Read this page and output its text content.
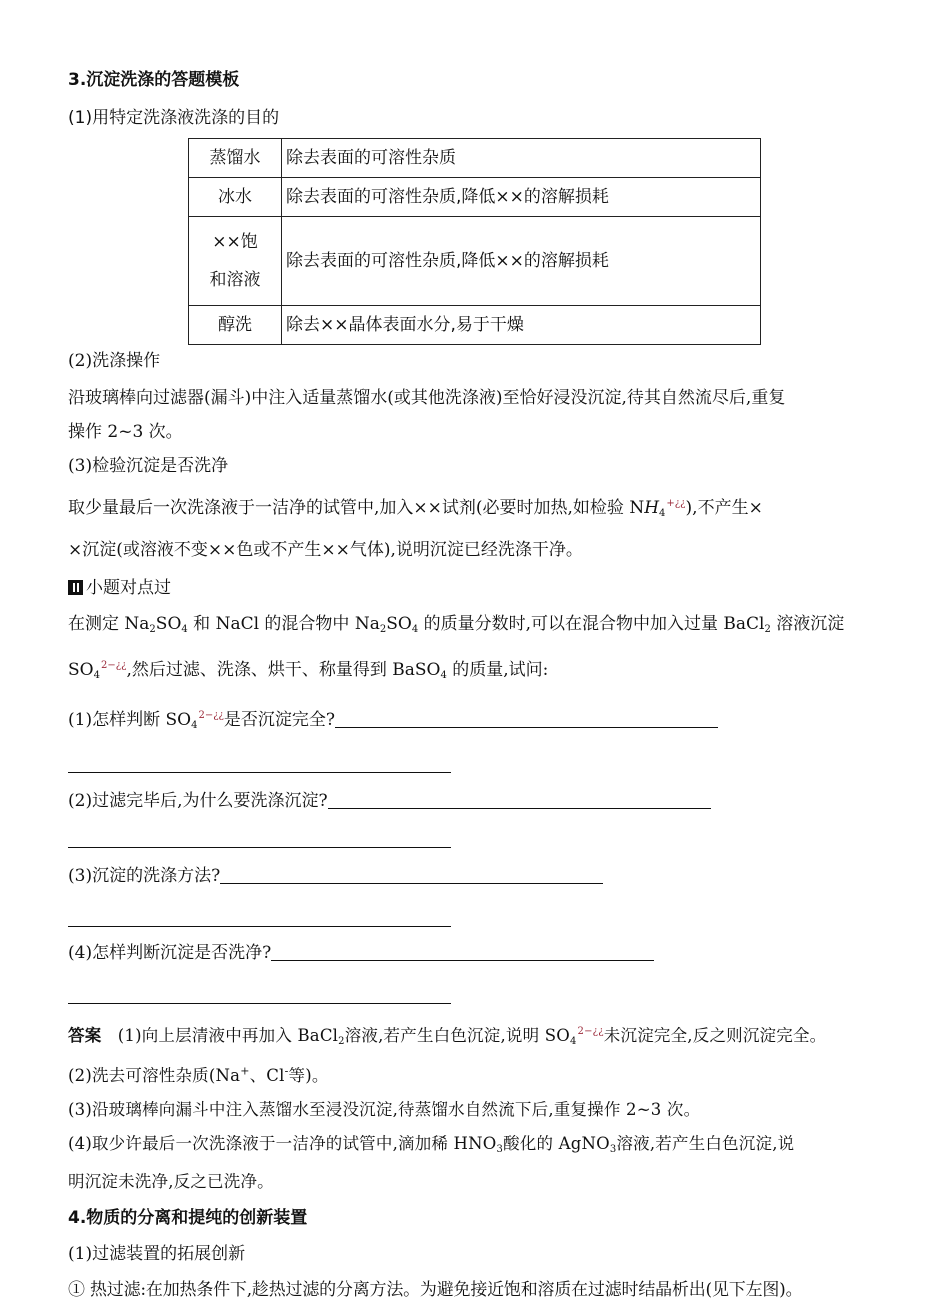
3.沉淀洗涤的答题模板

(1)用特定洗涤液洗涤的目的

蒸馏水	除去表面的可溶性杂质
冰水	除去表面的可溶性杂质,降低××的溶解损耗
××饱
和溶液	除去表面的可溶性杂质,降低××的溶解损耗
醇洗	除去××晶体表面水分,易于干燥

(2)洗涤操作

沿玻璃棒向过滤器(漏斗)中注入适量蒸馏水(或其他洗涤液)至恰好浸没沉淀,待其自然流尽后,重复

操作 2~3 次。

(3)检验沉淀是否洗净

取少量最后一次洗涤液于一洁净的试管中,加入××试剂(必要时加热,如检验 NH4+¿¿),不产生×

×沉淀(或溶液不变××色或不产生××气体),说明沉淀已经洗涤干净。

小题对点过

在测定 Na2SO4 和 NaCl 的混合物中 Na2SO4 的质量分数时,可以在混合物中加入过量 BaCl2 溶液沉淀

$SO4^{2-¿¿}$,然后过滤、洗涤、烘干、称量得到 BaSO4 的质量,试问:

(1)怎样判断 $SO4^{2-¿¿}$是否沉淀完全?

(2)过滤完毕后,为什么要洗涤沉淀?

(3)沉淀的洗涤方法?

(4)怎样判断沉淀是否洗净?

答案 (1)向上层清液中再加入 BaCl2溶液,若产生白色沉淀,说明 $SO4^{2-¿¿}$未沉淀完全,反之则沉淀完全。

(2)洗去可溶性杂质(Na+、Cl-等)。

(3)沿玻璃棒向漏斗中注入蒸馏水至浸没沉淀,待蒸馏水自然流下后,重复操作 2~3 次。

(4)取少许最后一次洗涤液于一洁净的试管中,滴加稀 HNO3酸化的 AgNO3溶液,若产生白色沉淀,说

明沉淀未洗净,反之已洗净。

4.物质的分离和提纯的创新装置

(1)过滤装置的拓展创新

① 热过滤:在加热条件下,趁热过滤的分离方法。为避免接近饱和溶质在过滤时结晶析出(见下左图)。
